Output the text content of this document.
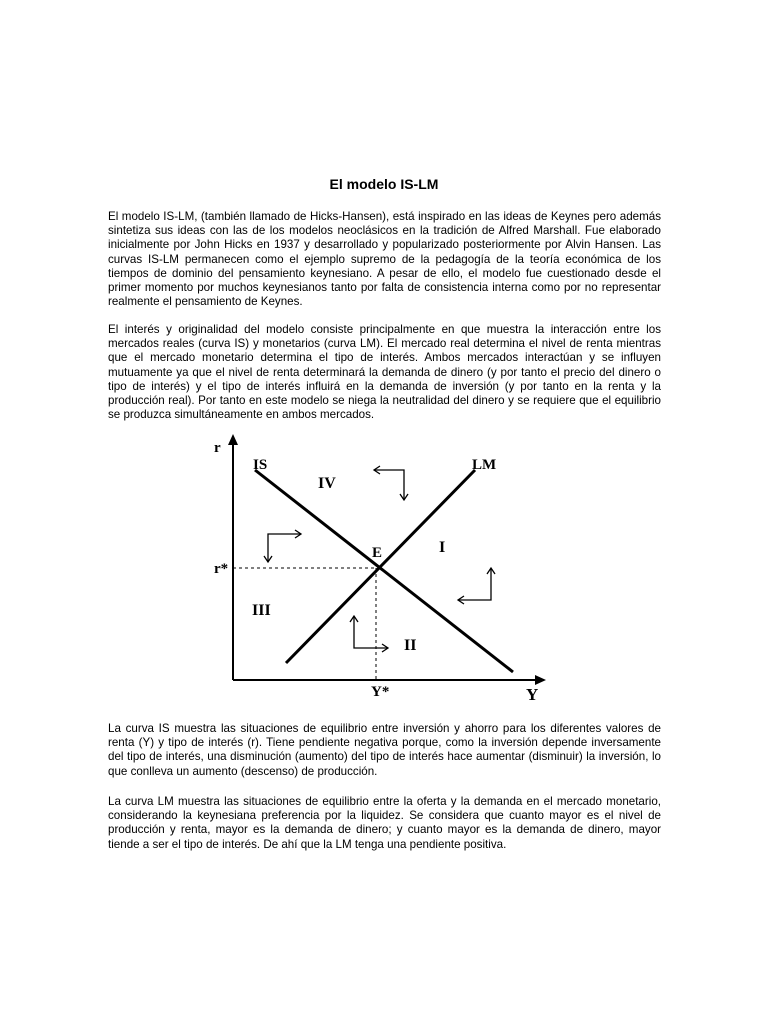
El modelo IS-LM

El modelo IS-LM, (también llamado de Hicks-Hansen), está inspirado en las ideas de Keynes pero además sintetiza sus ideas con las de los modelos neoclásicos en la tradición de Alfred Marshall. Fue elaborado inicialmente por John Hicks en 1937 y desarrollado y popularizado posteriormente por Alvin Hansen. Las curvas IS-LM permanecen como el ejemplo supremo de la pedagogía de la teoría económica de los tiempos de dominio del pensamiento keynesiano. A pesar de ello, el modelo fue cuestionado desde el primer momento por muchos keynesianos tanto por falta de consistencia interna como por no representar realmente el pensamiento de Keynes.

El interés y originalidad del modelo consiste principalmente en que muestra la interacción entre los mercados reales (curva IS) y monetarios (curva LM). El mercado real determina el nivel de renta mientras que el mercado monetario determina el tipo de interés. Ambos mercados interactúan y se influyen mutuamente ya que el nivel de renta determinará la demanda de dinero (y por tanto el precio del dinero o tipo de interés) y el tipo de interés influirá en la demanda de inversión (y por tanto en la renta y la producción real). Por tanto en este modelo se niega la neutralidad del dinero y se requiere que el equilibrio se produzca simultáneamente en ambos mercados.

r
Y
IS	LM
E
r*
Y*
I
II
III
IV

La curva IS muestra las situaciones de equilibrio entre inversión y ahorro para los diferentes valores de renta (Y) y tipo de interés (r). Tiene pendiente negativa porque, como la inversión depende inversamente del tipo de interés, una disminución (aumento) del tipo de interés hace aumentar (disminuir) la inversión, lo que conlleva un aumento (descenso) de producción.

La curva LM muestra las situaciones de equilibrio entre la oferta y la demanda en el mercado monetario, considerando la keynesiana preferencia por la liquidez. Se considera que cuanto mayor es el nivel de producción y renta, mayor es la demanda de dinero; y cuanto mayor es la demanda de dinero, mayor tiende a ser el tipo de interés. De ahí que la LM tenga una pendiente positiva.
